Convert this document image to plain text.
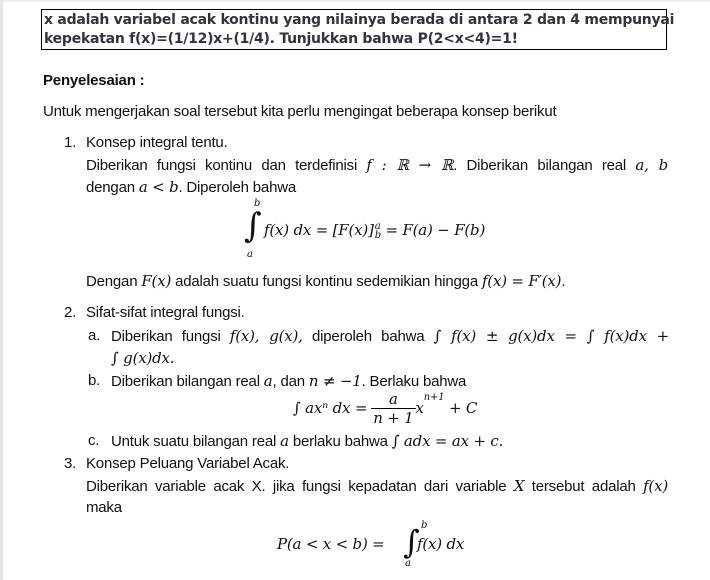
x adalah variabel acak kontinu yang nilainya berada di antara 2 dan 4 mempunyai
kepekatan f(x)=(1/12)x+(1/4). Tunjukkan bahwa P(2<x<4)=1!
Penyelesaian :
Untuk mengerjakan soal tersebut kita perlu mengingat beberapa konsep berikut
1. Konsep integral tentu.
Diberikan fungsi kontinu dan terdefinisi f : ℝ → ℝ. Diberikan bilangan real a, b
dengan a < b. Diperoleh bahwa
b
∫
a
f(x) dx = [F(x)] a
b = F(a) − F(b)
Dengan F(x) adalah suatu fungsi kontinu sedemikian hingga f(x) = F′(x).
2. Sifat-sifat integral fungsi.
a. Diberikan fungsi f(x), g(x), diperoleh bahwa ∫ f(x) ± g(x)dx = ∫ f(x)dx +
∫ g(x)dx.
b. Diberikan bilangan real a, dan n ≠ −1. Berlaku bahwa
∫ axⁿ dx = $\frac{a}{n + 1} x^{n+1} + C$
c. Untuk suatu bilangan real a berlaku bahwa ∫ adx = ax + c.
3. Konsep Peluang Variabel Acak.
Diberikan variable acak X. jika fungsi kepadatan dari variable X tersebut adalah f(x)
maka
P(a < x < b) = ∫ b
a
f(x) dx
